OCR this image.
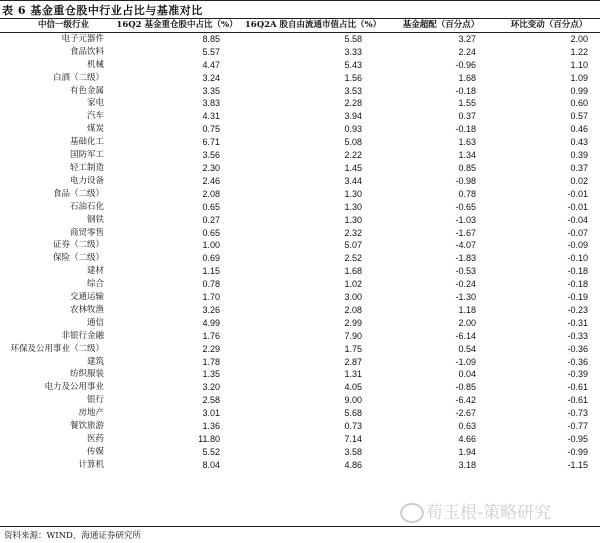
表 6 基金重仓股中行业占比与基准对比
中信一级行业	16Q2 基金重仓股中占比（%）	16Q2A 股自由流通市值占比（%）	基金超配（百分点）	环比变动（百分点）
电子元器件	8.85	5.58	3.27	2.00
食品饮料	5.57	3.33	2.24	1.22
机械	4.47	5.43	-0.96	1.10
白酒（二级）	3.24	1.56	1.68	1.09
有色金属	3.35	3.53	-0.18	0.99
家电	3.83	2.28	1.55	0.60
汽车	4.31	3.94	0.37	0.57
煤炭	0.75	0.93	-0.18	0.46
基础化工	6.71	5.08	1.63	0.43
国防军工	3.56	2.22	1.34	0.39
轻工制造	2.30	1.45	0.85	0.37
电力设备	2.46	3.44	-0.98	0.02
食品（二级）	2.08	1.30	0.78	-0.01
石油石化	0.65	1.30	-0.65	-0.01
钢铁	0.27	1.30	-1.03	-0.04
商贸零售	0.65	2.32	-1.67	-0.07
证券（二级）	1.00	5.07	-4.07	-0.09
保险（二级）	0.69	2.52	-1.83	-0.10
建材	1.15	1.68	-0.53	-0.18
综合	0.78	1.02	-0.24	-0.18
交通运输	1.70	3.00	-1.30	-0.19
农林牧渔	3.26	2.08	1.18	-0.23
通信	4.99	2.99	2.00	-0.31
非银行金融	1.76	7.90	-6.14	-0.33
环保及公用事业（二级）	2.29	1.75	0.54	-0.36
建筑	1.78	2.87	-1.09	-0.36
纺织服装	1.35	1.31	0.04	-0.39
电力及公用事业	3.20	4.05	-0.85	-0.61
银行	2.58	9.00	-6.42	-0.61
房地产	3.01	5.68	-2.67	-0.73
餐饮旅游	1.36	0.73	0.63	-0.77
医药	11.80	7.14	4.66	-0.95
传媒	5.52	3.58	1.94	-0.99
计算机	8.04	4.86	3.18	-1.15
荀玉根-策略研究
资料来源：WIND，海通证券研究所
